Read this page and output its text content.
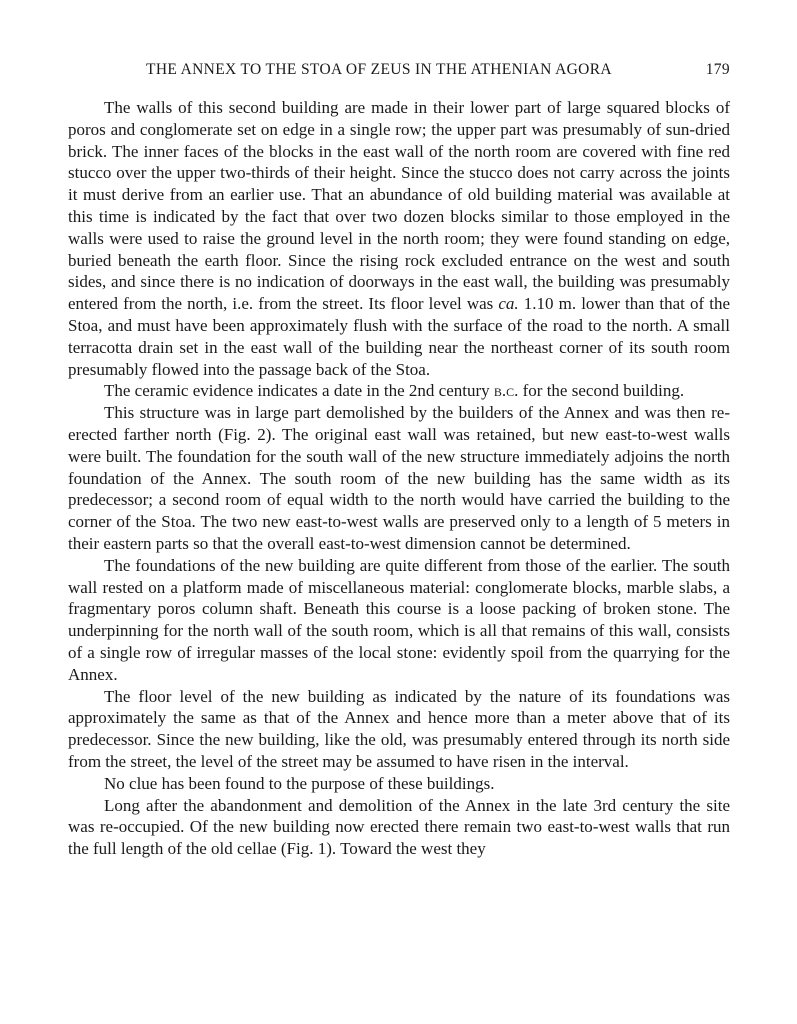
THE ANNEX TO THE STOA OF ZEUS IN THE ATHENIAN AGORA	179

The walls of this second building are made in their lower part of large squared blocks of poros and conglomerate set on edge in a single row; the upper part was presumably of sun-dried brick. The inner faces of the blocks in the east wall of the north room are covered with fine red stucco over the upper two-thirds of their height. Since the stucco does not carry across the joints it must derive from an earlier use. That an abundance of old building material was available at this time is indicated by the fact that over two dozen blocks similar to those employed in the walls were used to raise the ground level in the north room; they were found standing on edge, buried beneath the earth floor. Since the rising rock excluded entrance on the west and south sides, and since there is no indication of doorways in the east wall, the building was presumably entered from the north, i.e. from the street. Its floor level was ca. 1.10 m. lower than that of the Stoa, and must have been approximately flush with the surface of the road to the north. A small terracotta drain set in the east wall of the building near the northeast corner of its south room presumably flowed into the passage back of the Stoa.

The ceramic evidence indicates a date in the 2nd century b.c. for the second building.

This structure was in large part demolished by the builders of the Annex and was then re-erected farther north (Fig. 2). The original east wall was retained, but new east-to-west walls were built. The foundation for the south wall of the new structure immediately adjoins the north foundation of the Annex. The south room of the new building has the same width as its predecessor; a second room of equal width to the north would have carried the building to the corner of the Stoa. The two new east-to-west walls are preserved only to a length of 5 meters in their eastern parts so that the overall east-to-west dimension cannot be determined.

The foundations of the new building are quite different from those of the earlier. The south wall rested on a platform made of miscellaneous material: conglomerate blocks, marble slabs, a fragmentary poros column shaft. Beneath this course is a loose packing of broken stone. The underpinning for the north wall of the south room, which is all that remains of this wall, consists of a single row of irregular masses of the local stone: evidently spoil from the quarrying for the Annex.

The floor level of the new building as indicated by the nature of its foundations was approximately the same as that of the Annex and hence more than a meter above that of its predecessor. Since the new building, like the old, was presumably entered through its north side from the street, the level of the street may be assumed to have risen in the interval.

No clue has been found to the purpose of these buildings.

Long after the abandonment and demolition of the Annex in the late 3rd century the site was re-occupied. Of the new building now erected there remain two east-to-west walls that run the full length of the old cellae (Fig. 1). Toward the west they
